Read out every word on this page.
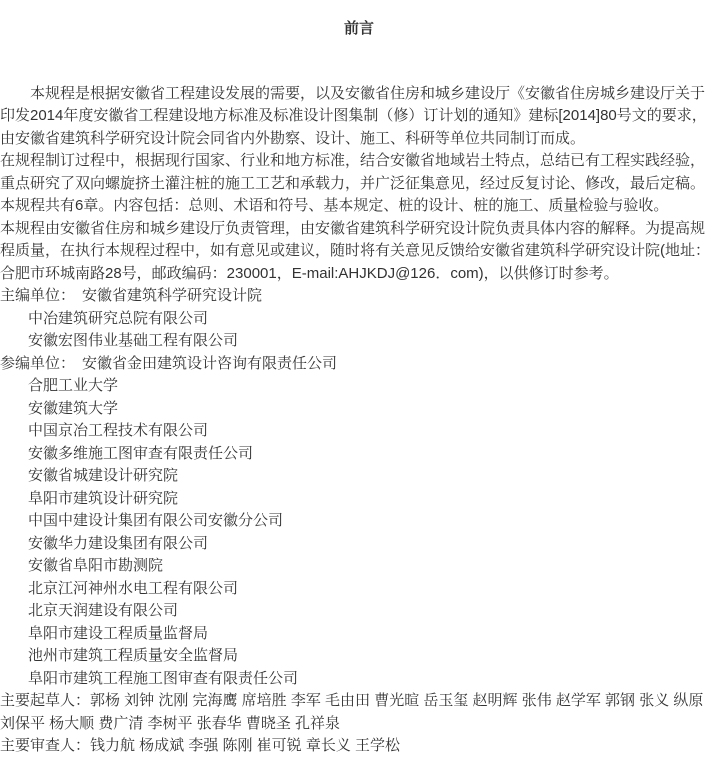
前言

本规程是根据安徽省工程建设发展的需要，以及安徽省住房和城乡建设厅《安徽省住房城乡建设厅关于印发2014年度安徽省工程建设地方标准及标准设计图集制（修）订计划的通知》建标[2014]80号文的要求，由安徽省建筑科学研究设计院会同省内外勘察、设计、施工、科研等单位共同制订而成。

在规程制订过程中，根据现行国家、行业和地方标准，结合安徽省地域岩土特点，总结已有工程实践经验，重点研究了双向螺旋挤土灌注桩的施工工艺和承载力，并广泛征集意见，经过反复讨论、修改，最后定稿。

本规程共有6章。内容包括：总则、术语和符号、基本规定、桩的设计、桩的施工、质量检验与验收。

本规程由安徽省住房和城乡建设厅负责管理，由安徽省建筑科学研究设计院负责具体内容的解释。为提高规程质量，在执行本规程过程中，如有意见或建议，随时将有关意见反馈给安徽省建筑科学研究设计院(地址：合肥市环城南路28号，邮政编码：230001，E-mail:AHJKDJ@126．com)，以供修订时参考。

主编单位： 安徽省建筑科学研究设计院

中冶建筑研究总院有限公司

安徽宏图伟业基础工程有限公司

参编单位： 安徽省金田建筑设计咨询有限责任公司

合肥工业大学

安徽建筑大学

中国京冶工程技术有限公司

安徽多维施工图审查有限责任公司

安徽省城建设计研究院

阜阳市建筑设计研究院

中国中建设计集团有限公司安徽分公司

安徽华力建设集团有限公司

安徽省阜阳市勘测院

北京江河神州水电工程有限公司

北京天润建设有限公司

阜阳市建设工程质量监督局

池州市建筑工程质量安全监督局

阜阳市建筑工程施工图审查有限责任公司

主要起草人：郭杨 刘钟 沈刚 完海鹰 席培胜 李军 毛由田 曹光暄 岳玉玺 赵明辉 张伟 赵学军 郭钢 张义 纵原 刘保平 杨大顺 费广清 李树平 张春华 曹晓圣 孔祥泉

主要审查人：钱力航 杨成斌 李强 陈刚 崔可锐 章长义 王学松
